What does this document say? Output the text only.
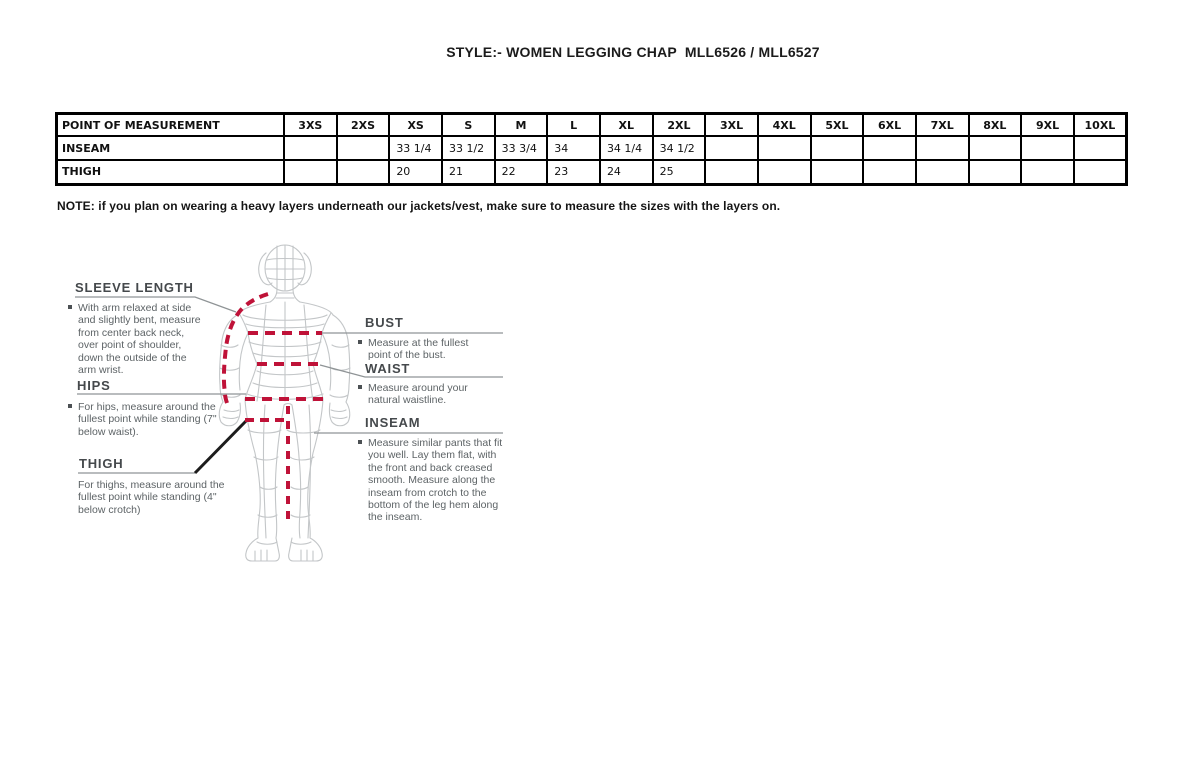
STYLE:- WOMEN LEGGING CHAP  MLL6526 / MLL6527
POINT OF MEASUREMENT	3XS	2XS	XS	S	M	L	XL	2XL	3XL	4XL	5XL	6XL	7XL	8XL	9XL	10XL
INSEAM			33 1/4	33 1/2	33 3/4	34	34 1/4	34 1/2								
THIGH			20	21	22	23	24	25								
NOTE: if you plan on wearing a heavy layers underneath our jackets/vest, make sure to measure the sizes with the layers on.
SLEEVE LENGTH
With arm relaxed at side and slightly bent, measure from center back neck, over point of shoulder, down the outside of the arm wrist.
HIPS
For hips, measure around the fullest point while standing (7" below waist).
THIGH
For thighs, measure around the fullest point while standing (4" below crotch)
BUST
Measure at the fullest point of the bust.
WAIST
Measure around your natural waistline.
INSEAM
Measure similar pants that fit you well. Lay them flat, with the front and back creased smooth. Measure along the inseam from crotch to the bottom of the leg hem along the inseam.
